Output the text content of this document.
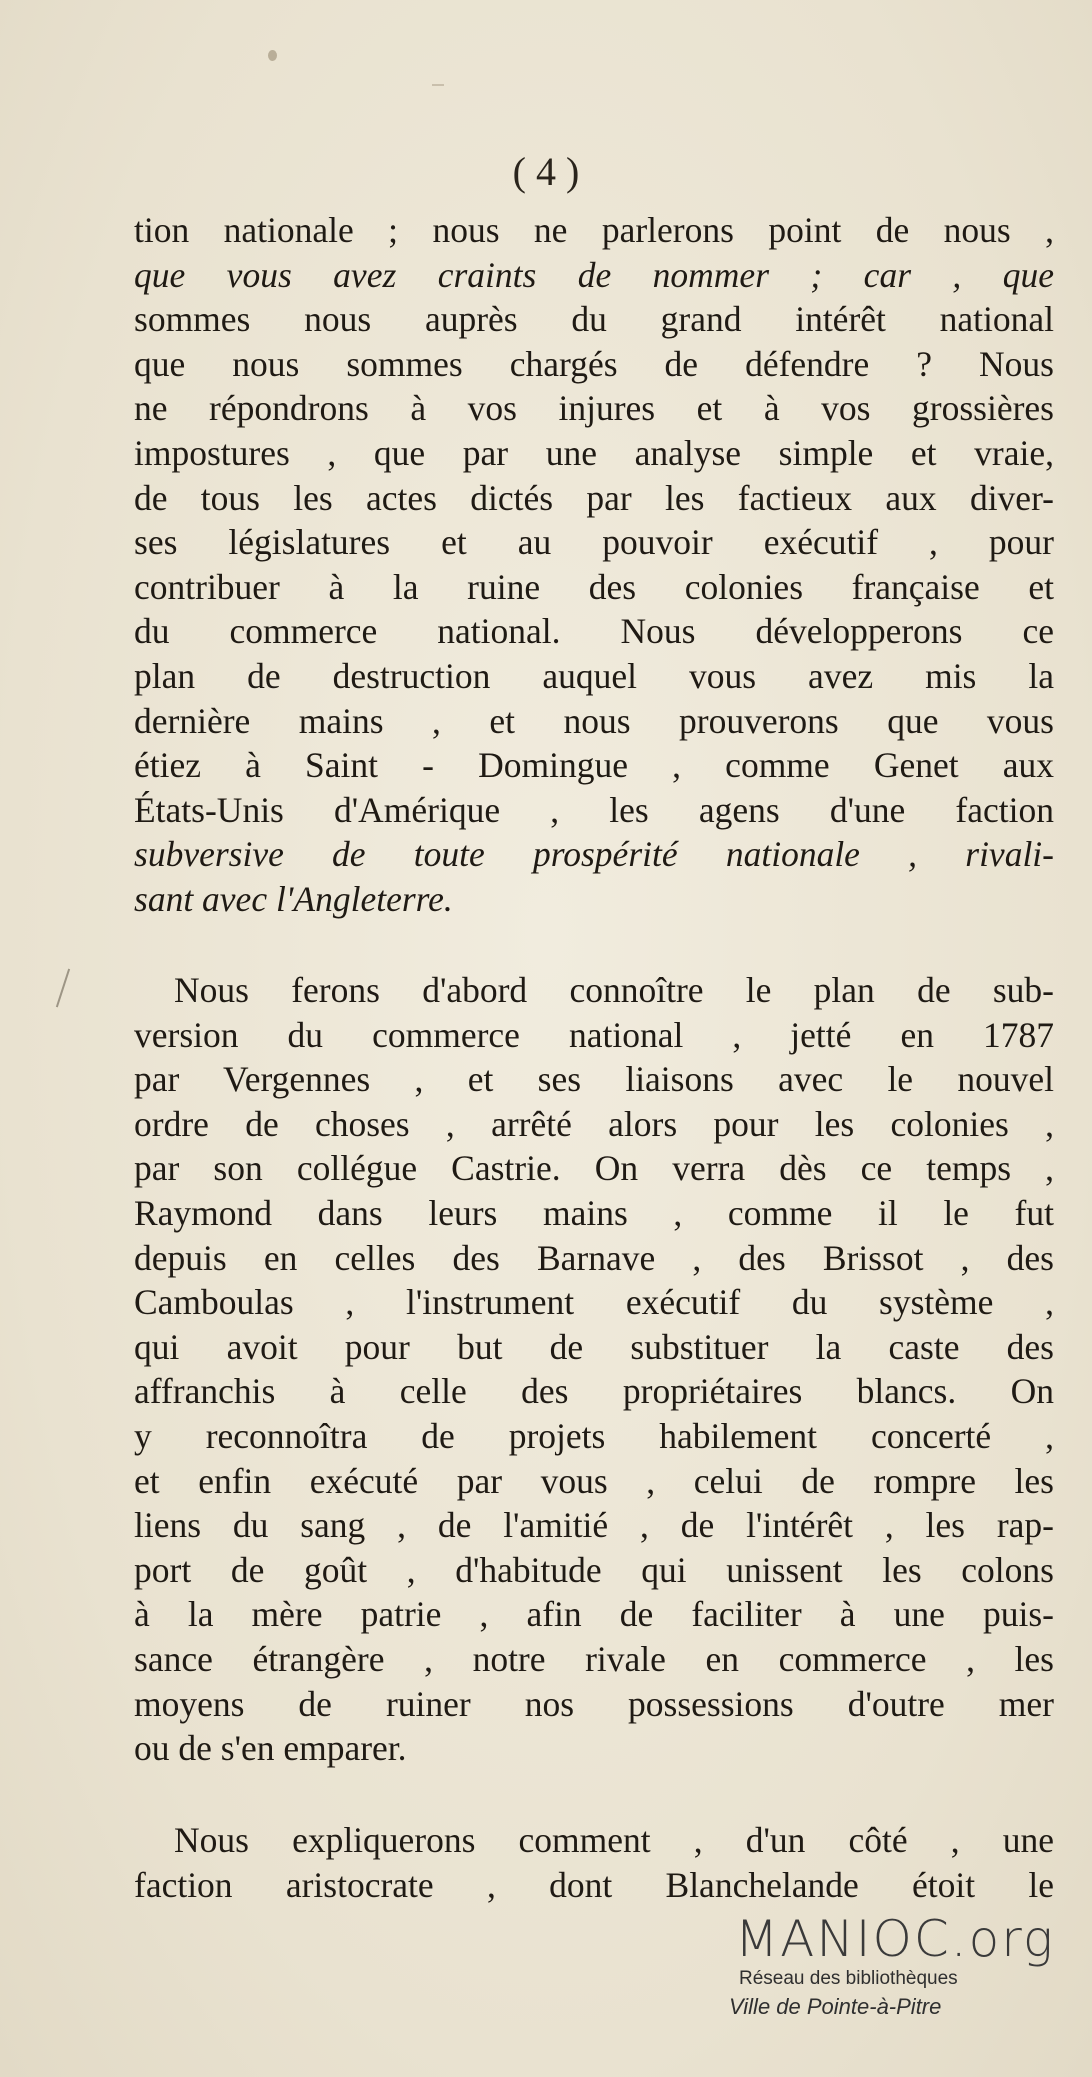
( 4 )

tion nationale ; nous ne parlerons point de nous ,

que vous avez craints de nommer ; car , que

sommes nous auprès du grand intérêt national

que nous sommes chargés de défendre ? Nous

ne répondrons à vos injures et à vos grossières

impostures , que par une analyse simple et vraie,

de tous les actes dictés par les factieux aux diver-

ses législatures et au pouvoir exécutif , pour

contribuer à la ruine des colonies française et

du commerce national. Nous développerons ce

plan de destruction auquel vous avez mis la

dernière mains , et nous prouverons que vous

étiez à Saint - Domingue , comme Genet aux

États-Unis d'Amérique , les agens d'une faction

subversive de toute prospérité nationale , rivali-

sant avec l'Angleterre.

Nous ferons d'abord connoître le plan de sub-

version du commerce national , jetté en 1787

par Vergennes , et ses liaisons avec le nouvel

ordre de choses , arrêté alors pour les colonies ,

par son collégue Castrie. On verra dès ce temps ,

Raymond dans leurs mains , comme il le fut

depuis en celles des Barnave , des Brissot , des

Camboulas , l'instrument exécutif du système ,

qui avoit pour but de substituer la caste des

affranchis à celle des propriétaires blancs. On

y reconnoîtra de projets habilement concerté ,

et enfin exécuté par vous , celui de rompre les

liens du sang , de l'amitié , de l'intérêt , les rap-

port de goût , d'habitude qui unissent les colons

à la mère patrie , afin de faciliter à une puis-

sance étrangère , notre rivale en commerce , les

moyens de ruiner nos possessions d'outre mer

ou de s'en emparer.

Nous expliquerons comment , d'un côté , une

faction aristocrate , dont Blanchelande étoit le

MANIOC.org
Réseau des bibliothèques
Ville de Pointe-à-Pitre
